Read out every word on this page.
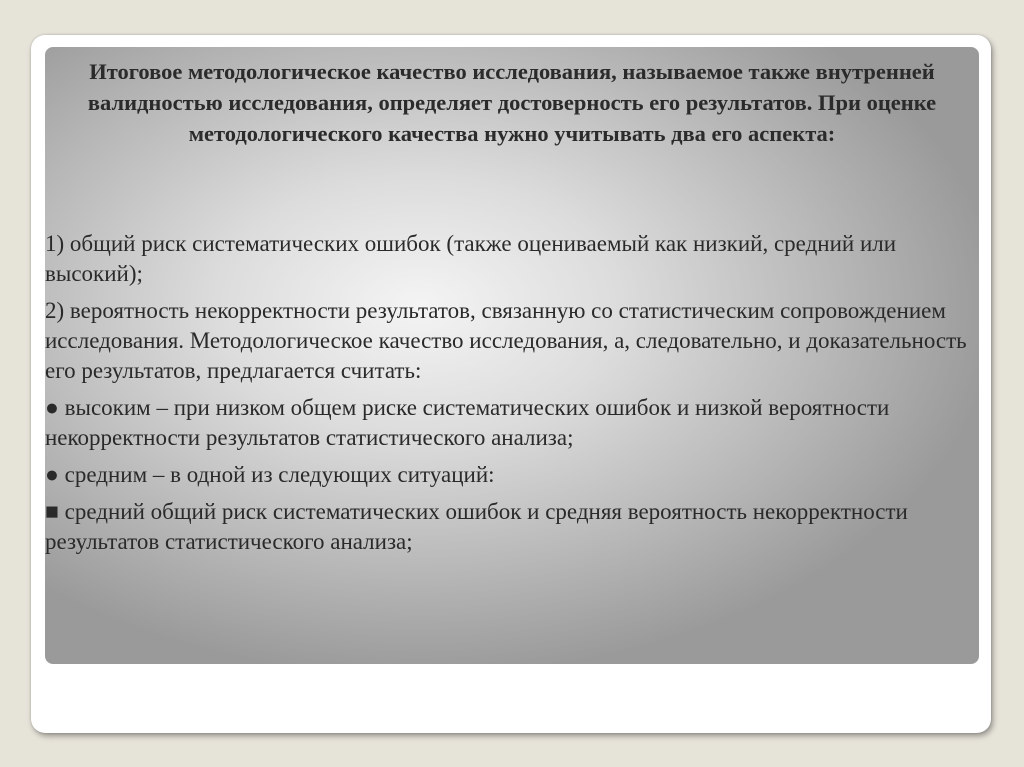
Итоговое методологическое качество исследования, называемое также внутренней валидностью исследования, определяет достоверность его результатов. При оценке методологического качества нужно учитывать два его аспекта:
1) общий риск систематических ошибок (также оцениваемый как низкий, средний или высокий);
2) вероятность некорректности результатов, связанную со статистическим сопровождением исследования. Методологическое качество исследования, а, следовательно, и доказательность его результатов, предлагается считать:
● высоким – при низком общем риске систематических ошибок и низкой вероятности некорректности результатов статистического анализа;
● средним – в одной из следующих ситуаций:
■ средний общий риск систематических ошибок и средняя вероятность некорректности результатов статистического анализа;
